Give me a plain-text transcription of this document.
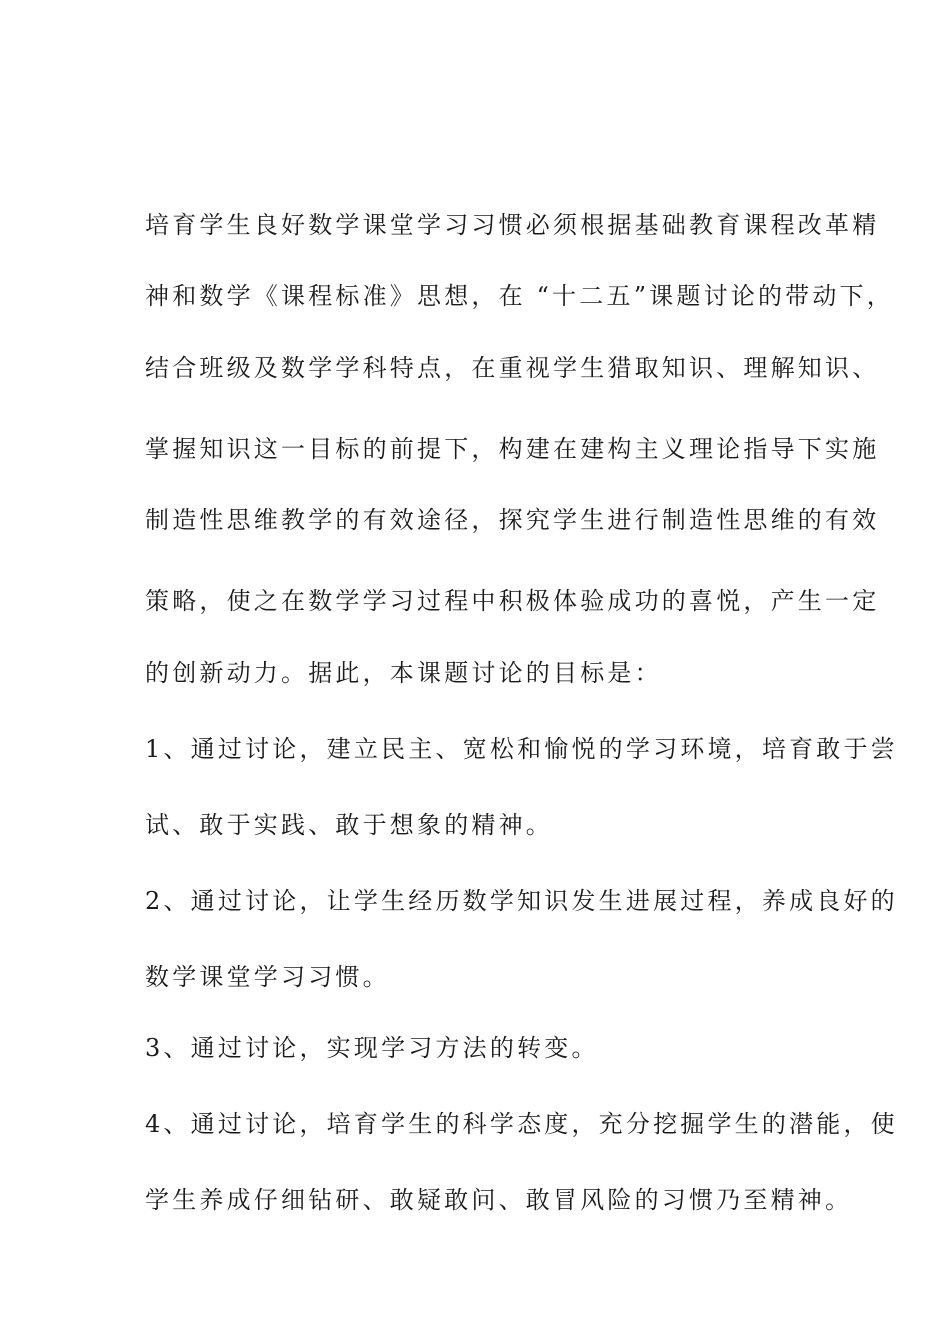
培育学生良好数学课堂学习习惯必须根据基础教育课程改革精
神和数学《课程标准》思想，在 “十二五”课题讨论的带动下，
结合班级及数学学科特点，在重视学生猎取知识、理解知识、
掌握知识这一目标的前提下，构建在建构主义理论指导下实施
制造性思维教学的有效途径，探究学生进行制造性思维的有效
策略，使之在数学学习过程中积极体验成功的喜悦，产生一定
的创新动力。据此，本课题讨论的目标是：
1、通过讨论，建立民主、宽松和愉悦的学习环境，培育敢于尝
试、敢于实践、敢于想象的精神。
2、通过讨论，让学生经历数学知识发生进展过程，养成良好的
数学课堂学习习惯。
3、通过讨论，实现学习方法的转变。
4、通过讨论，培育学生的科学态度，充分挖掘学生的潜能，使
学生养成仔细钻研、敢疑敢问、敢冒风险的习惯乃至精神。
